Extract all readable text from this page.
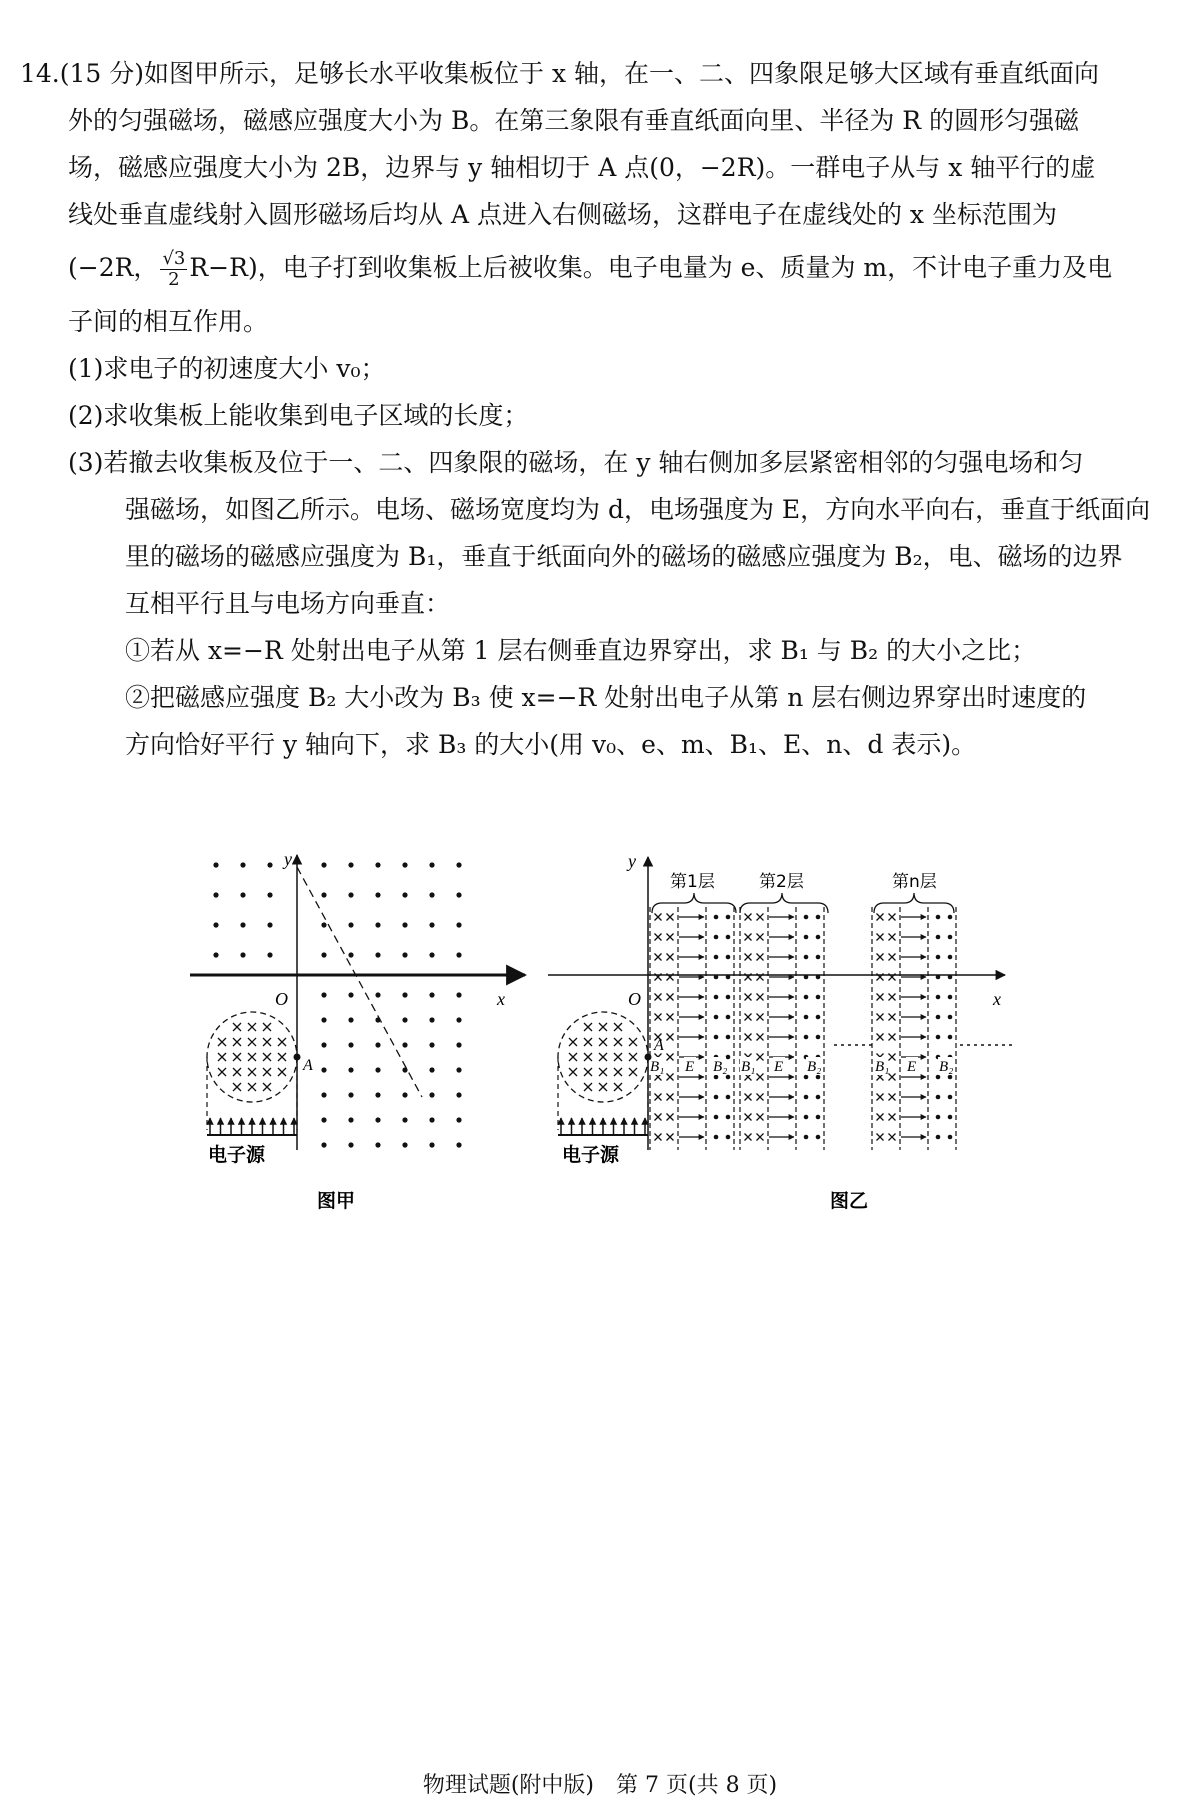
14.(15 分)如图甲所示，足够长水平收集板位于 x 轴，在一、二、四象限足够大区域有垂直纸面向
外的匀强磁场，磁感应强度大小为 B。在第三象限有垂直纸面向里、半径为 R 的圆形匀强磁
场，磁感应强度大小为 2B，边界与 y 轴相切于 A 点(0，−2R)。一群电子从与 x 轴平行的虚
线处垂直虚线射入圆形磁场后均从 A 点进入右侧磁场，这群电子在虚线处的 x 坐标范围为
(−2R， $\frac{√3}{2} R-R$)，电子打到收集板上后被收集。电子电量为 e、质量为 m，不计电子重力及电
子间的相互作用。
(1)求电子的初速度大小 v₀；
(2)求收集板上能收集到电子区域的长度；
(3)若撤去收集板及位于一、二、四象限的磁场，在 y 轴右侧加多层紧密相邻的匀强电场和匀
强磁场，如图乙所示。电场、磁场宽度均为 d，电场强度为 E，方向水平向右，垂直于纸面向
里的磁场的磁感应强度为 B₁，垂直于纸面向外的磁场的磁感应强度为 B₂，电、磁场的边界
互相平行且与电场方向垂直：
①若从 x=−R 处射出电子从第 1 层右侧垂直边界穿出，求 B₁ 与 B₂ 的大小之比；
②把磁感应强度 B₂ 大小改为 B₃ 使 x=−R 处射出电子从第 n 层右侧边界穿出时速度的
方向恰好平行 y 轴向下，求 B₃ 的大小(用 v₀、e、m、B₁、E、n、d 表示)。
y
x
O
A
电子源
图甲
y
x
O
第1层	第2层	第n层
B₁ E B₂ B₁ E B₂	B₁ E B₂
A
电子源
图乙
物理试题(附中版)　第 7 页(共 8 页)
